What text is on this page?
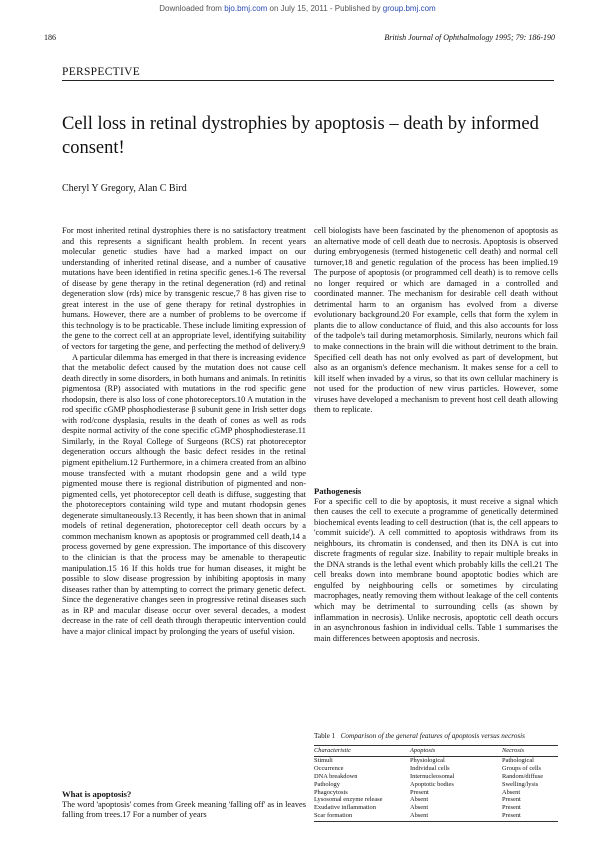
Downloaded from bjo.bmj.com on July 15, 2011 - Published by group.bmj.com
186	British Journal of Ophthalmology 1995; 79: 186-190
PERSPECTIVE
Cell loss in retinal dystrophies by apoptosis – death by informed consent!
Cheryl Y Gregory, Alan C Bird

For most inherited retinal dystrophies there is no satisfactory treatment and this represents a significant health problem. In recent years molecular genetic studies have had a marked impact on our understanding of inherited retinal disease, and a number of causative mutations have been identified in retina specific genes.1-6 The reversal of disease by gene therapy in the retinal degeneration (rd) and retinal degeneration slow (rds) mice by transgenic rescue,7 8 has given rise to great interest in the use of gene therapy for retinal dystrophies in humans. However, there are a number of problems to be overcome if this technology is to be practicable. These include limiting expression of the gene to the correct cell at an appropriate level, identifying suitability of vectors for targeting the gene, and perfecting the method of delivery.9

A particular dilemma has emerged in that there is increasing evidence that the metabolic defect caused by the mutation does not cause cell death directly in some disorders, in both humans and animals. In retinitis pigmentosa (RP) associated with mutations in the rod specific gene rhodopsin, there is also loss of cone photoreceptors.10 A mutation in the rod specific cGMP phosphodiesterase β subunit gene in Irish setter dogs with rod/cone dysplasia, results in the death of cones as well as rods despite normal activity of the cone specific cGMP phosphodiesterase.11 Similarly, in the Royal College of Surgeons (RCS) rat photoreceptor degeneration occurs although the basic defect resides in the retinal pigment epithelium.12 Furthermore, in a chimera created from an albino mouse transfected with a mutant rhodopsin gene and a wild type pigmented mouse there is regional distribution of pigmented and non-pigmented cells, yet photoreceptor cell death is diffuse, suggesting that the photoreceptors containing wild type and mutant rhodopsin genes degenerate simultaneously.13 Recently, it has been shown that in animal models of retinal degeneration, photoreceptor cell death occurs by a common mechanism known as apoptosis or programmed cell death,14 a process governed by gene expression. The importance of this discovery to the clinician is that the process may be amenable to therapeutic manipulation.15 16 If this holds true for human diseases, it might be possible to slow disease progression by inhibiting apoptosis in many diseases rather than by attempting to correct the primary genetic defect. Since the degenerative changes seen in progressive retinal diseases such as in RP and macular disease occur over several decades, a modest decrease in the rate of cell death through therapeutic intervention could have a major clinical impact by prolonging the years of useful vision.

What is apoptosis?

The word 'apoptosis' comes from Greek meaning 'falling off' as in leaves falling from trees.17 For a number of years

cell biologists have been fascinated by the phenomenon of apoptosis as an alternative mode of cell death due to necrosis. Apoptosis is observed during embryogenesis (termed histogenetic cell death) and normal cell turnover,18 and genetic regulation of the process has been implied.19 The purpose of apoptosis (or programmed cell death) is to remove cells no longer required or which are damaged in a controlled and coordinated manner. The mechanism for desirable cell death without detrimental harm to an organism has evolved from a diverse evolutionary background.20 For example, cells that form the xylem in plants die to allow conductance of fluid, and this also accounts for loss of the tadpole's tail during metamorphosis. Similarly, neurons which fail to make connections in the brain will die without detriment to the brain. Specified cell death has not only evolved as part of development, but also as an organism's defence mechanism. It makes sense for a cell to kill itself when invaded by a virus, so that its own cellular machinery is not used for the production of new virus particles. However, some viruses have developed a mechanism to prevent host cell death allowing them to replicate.

Pathogenesis

For a specific cell to die by apoptosis, it must receive a signal which then causes the cell to execute a programme of genetically determined biochemical events leading to cell destruction (that is, the cell appears to 'commit suicide'). A cell committed to apoptosis withdraws from its neighbours, its chromatin is condensed, and then its DNA is cut into discrete fragments of regular size. Inability to repair multiple breaks in the DNA strands is the lethal event which probably kills the cell.21 The cell breaks down into membrane bound apoptotic bodies which are engulfed by neighbouring cells or sometimes by circulating macrophages, neatly removing them without leakage of the cell contents which may be detrimental to surrounding cells (as shown by inflammation in necrosis). Unlike necrosis, apoptotic cell death occurs in an asynchronous fashion in individual cells. Table 1 summarises the main differences between apoptosis and necrosis.

Table 1 Comparison of the general features of apoptosis versus necrosis
Characteristic	Apoptosis	Necrosis
Stimuli	Physiological	Pathological
Occurrence	Individual cells	Groups of cells
DNA breakdown	Internucleosomal	Random/diffuse
Pathology	Apoptotic bodies	Swelling/lysis
Phagocytosis	Present	Absent
Lysosomal enzyme release	Absent	Present
Exudative inflammation	Absent	Present
Scar formation	Absent	Present
